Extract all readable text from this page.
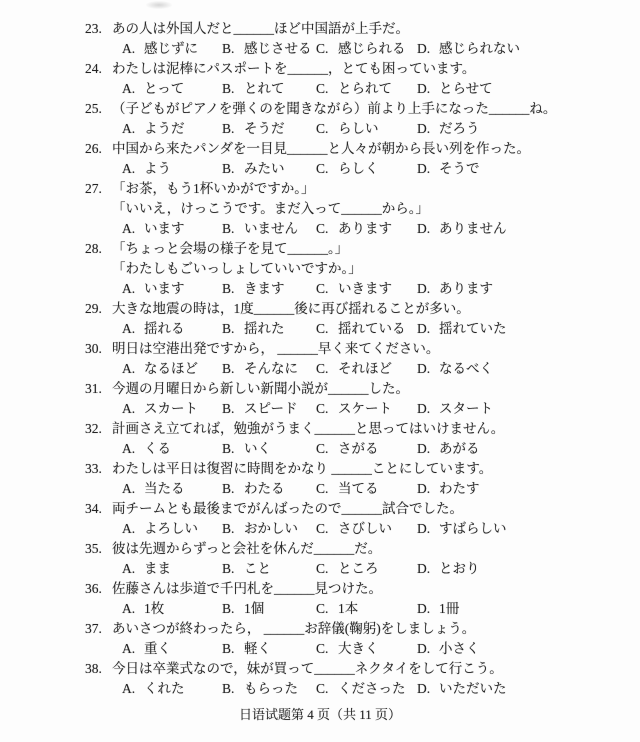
23. あの人は外国人だと______ほど中国語が上手だ。
A. 感じずに B. 感じさせる C. 感じられる D. 感じられない
24. わたしは泥棒にパスポートを______，とても困っています。
A. とって	B. とれて C. とられて D. とらせて
25. （子どもがピアノを弾くのを聞きながら）前より上手になった______ね。
A. ようだ	B. そうだ C. らしい	D. だろう
26. 中国から来たパンダを一目見______と人々が朝から長い列を作った。
A. よう	B. みたい C. らしく	D. そうで
27. 「お茶，もう1杯いかがですか。」
「いいえ，けっこうです。まだ入って______から。」
A. います	B. いません C. あります D. ありません
28. 「ちょっと会場の様子を見て______。」
「わたしもごいっしょしていいですか。」
A. います	B. きます C. いきます D. あります
29. 大きな地震の時は，1度______後に再び揺れることが多い。
A. 揺れる	B. 揺れた C. 揺れている D. 揺れていた
30. 明日は空港出発ですから， ______早く来てください。
A. なるほど B. そんなに C. それほど D. なるべく
31. 今週の月曜日から新しい新聞小説が______した。
A. スカート B. スピード C. スケート D. スタート
32. 計画さえ立てれば，勉強がうまく______と思ってはいけません。
A. くる	B. いく	C. さがる	D. あがる
33. わたしは平日は復習に時間をかなり ______ことにしています。
A. 当たる	B. わたる C. 当てる	D. わたす
34. 両チームとも最後までがんばったので______試合でした。
A. よろしい B. おかしい C. さびしい D. すばらしい
35. 彼は先週からずっと会社を休んだ______だ。
A. まま	B. こと	C. ところ	D. とおり
36. 佐藤さんは歩道で千円札を______見つけた。
A. 1枚	B. 1個	C. 1本	D. 1冊
37. あいさつが終わったら， ______お辞儀(鞠躬)をしましょう。
A. 重く	B. 軽く	C. 大きく	D. 小さく
38. 今日は卒業式なので，妹が買って______ネクタイをして行こう。
A. くれた	B. もらった C. くださった D. いただいた
日语试题第 4 页（共 11 页）
